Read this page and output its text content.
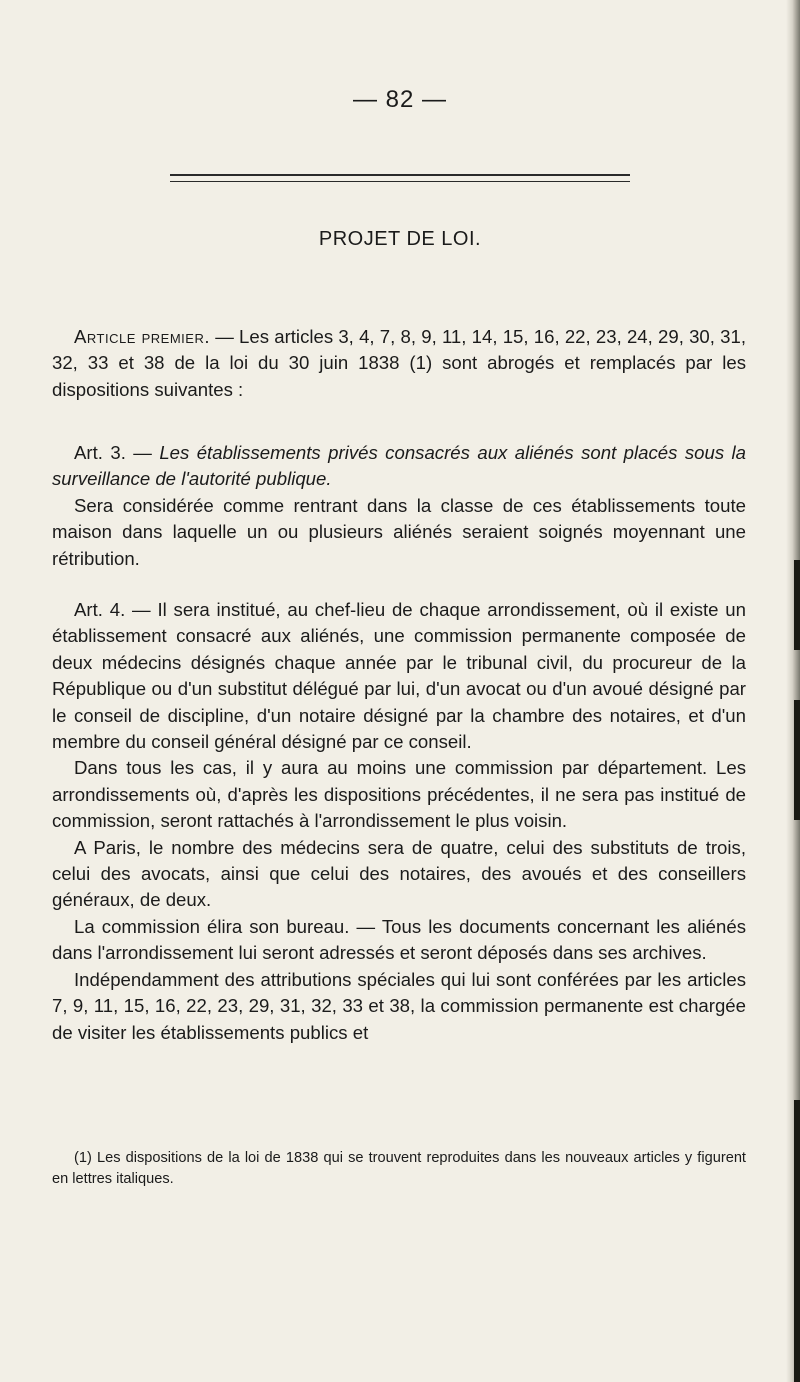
— 82 —
PROJET DE LOI.

Article premier. — Les articles 3, 4, 7, 8, 9, 11, 14, 15, 16, 22, 23, 24, 29, 30, 31, 32, 33 et 38 de la loi du 30 juin 1838 (1) sont abrogés et remplacés par les dispositions suivantes :

Art. 3. — Les établissements privés consacrés aux aliénés sont placés sous la surveillance de l'autorité publique.

Sera considérée comme rentrant dans la classe de ces établissements toute maison dans laquelle un ou plusieurs aliénés seraient soignés moyennant une rétribution.

Art. 4. — Il sera institué, au chef-lieu de chaque arrondissement, où il existe un établissement consacré aux aliénés, une commission permanente composée de deux médecins désignés chaque année par le tribunal civil, du procureur de la République ou d'un substitut délégué par lui, d'un avocat ou d'un avoué désigné par le conseil de discipline, d'un notaire désigné par la chambre des notaires, et d'un membre du conseil général désigné par ce conseil.

Dans tous les cas, il y aura au moins une commission par département. Les arrondissements où, d'après les dispositions précédentes, il ne sera pas institué de commission, seront rattachés à l'arrondissement le plus voisin.

A Paris, le nombre des médecins sera de quatre, celui des substituts de trois, celui des avocats, ainsi que celui des notaires, des avoués et des conseillers généraux, de deux.

La commission élira son bureau. — Tous les documents concernant les aliénés dans l'arrondissement lui seront adressés et seront déposés dans ses archives.

Indépendamment des attributions spéciales qui lui sont conférées par les articles 7, 9, 11, 15, 16, 22, 23, 29, 31, 32, 33 et 38, la commission permanente est chargée de visiter les établissements publics et

(1) Les dispositions de la loi de 1838 qui se trouvent reproduites dans les nouveaux articles y figurent en lettres italiques.
